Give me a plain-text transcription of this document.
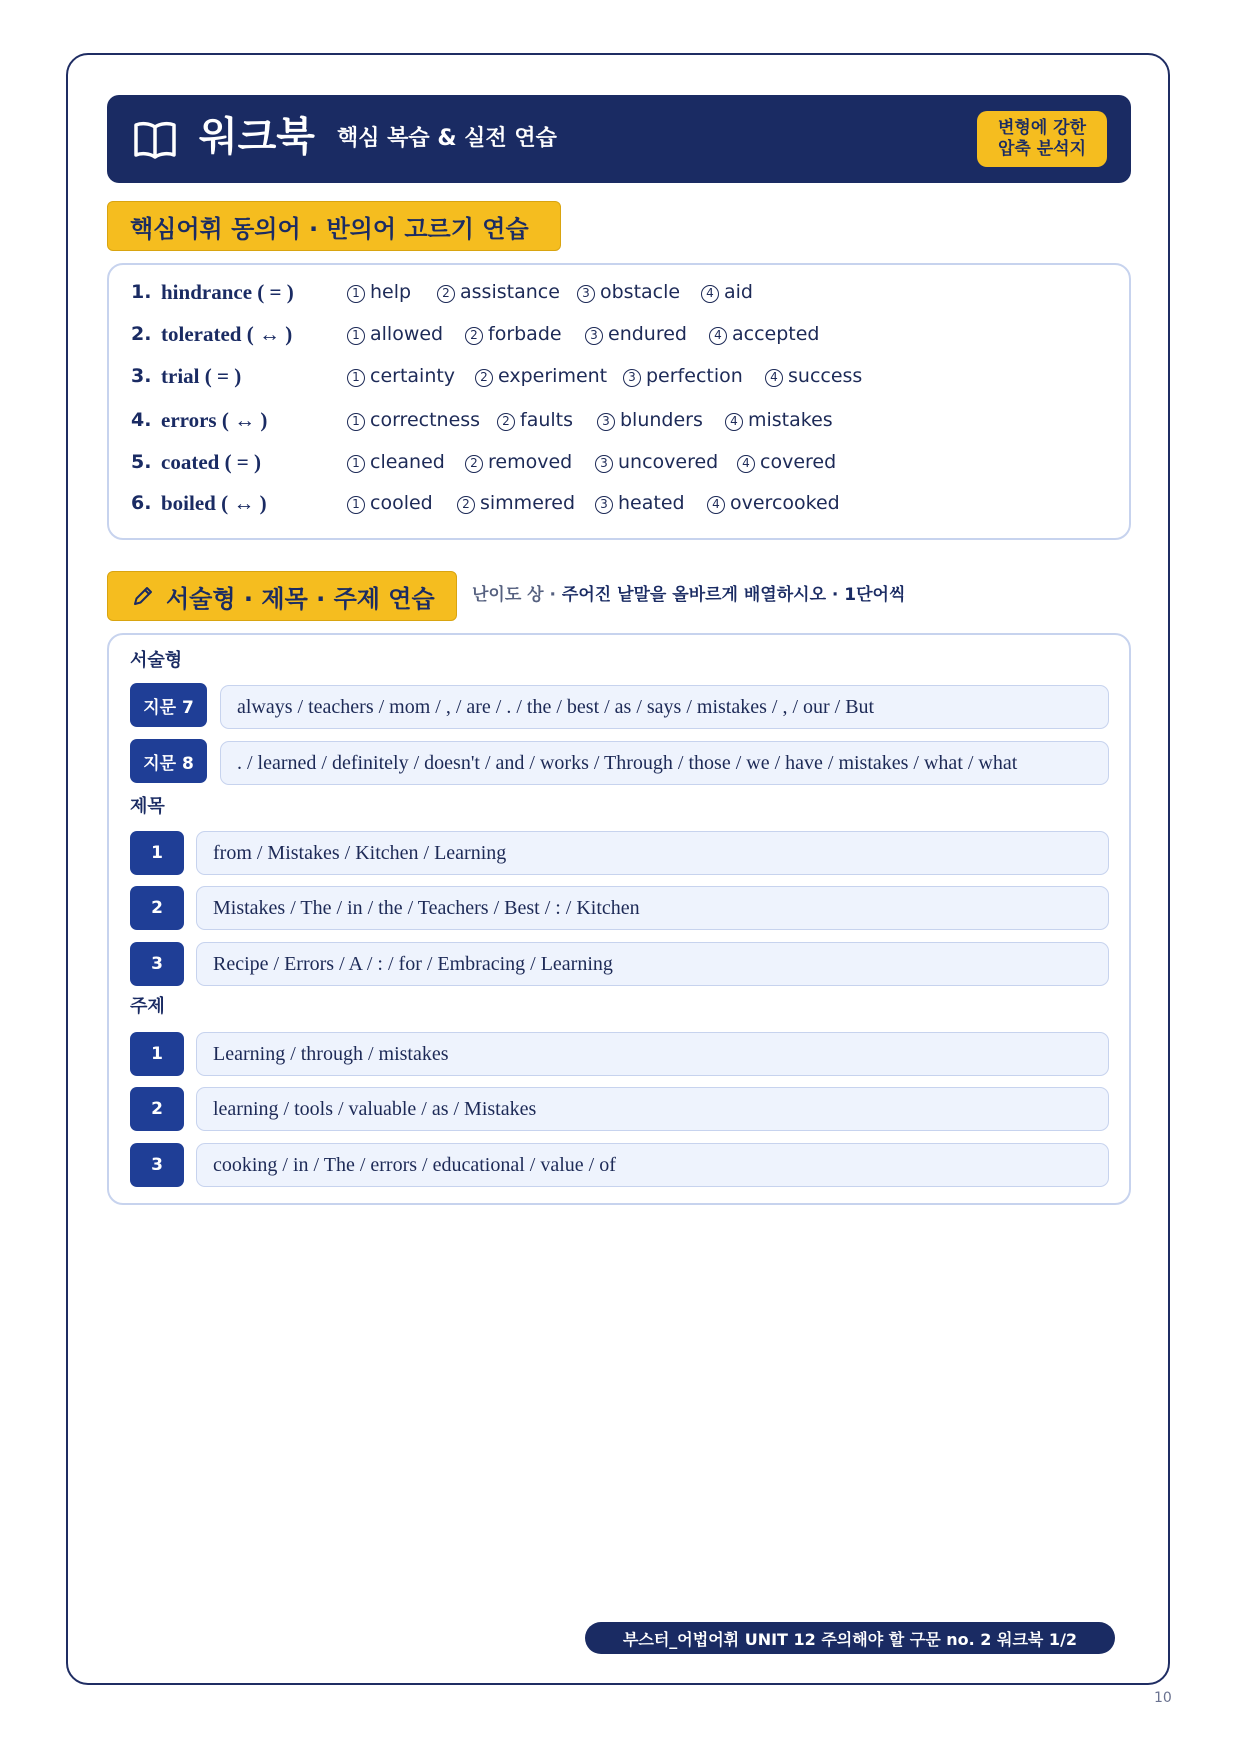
워크북 핵심 복습 & 실전 연습	변형에 강한
압축 분석지
핵심어휘 동의어 · 반의어 고르기 연습
1. hindrance ( = )	1 help	2 assistance	3 obstacle	4 aid
2. tolerated ( ↔ )	1 allowed	2 forbade	3 endured	4 accepted
3. trial ( = )	1 certainty	2 experiment	3 perfection	4 success
4. errors ( ↔ )	1 correctness	2 faults	3 blunders	4 mistakes
5. coated ( = )	1 cleaned	2 removed	3 uncovered	4 covered
6. boiled ( ↔ )	1 cooled	2 simmered	3 heated	4 overcooked
서술형 · 제목 · 주제 연습 난이도 상 · 주어진 낱말을 올바르게 배열하시오 · 1단어씩
서술형
제목
주제
지문 7	always / teachers / mom / , / are / . / the / best / as / says / mistakes / , / our / But
지문 8	. / learned / definitely / doesn't / and / works / Through / those / we / have / mistakes / what / what
1	from / Mistakes / Kitchen / Learning
2	Mistakes / The / in / the / Teachers / Best / : / Kitchen
3	Recipe / Errors / A / : / for / Embracing / Learning
1	Learning / through / mistakes
2	learning / tools / valuable / as / Mistakes
3	cooking / in / The / errors / educational / value / of
부스터_어법어휘 UNIT 12 주의해야 할 구문 no. 2 워크북 1/2
10
